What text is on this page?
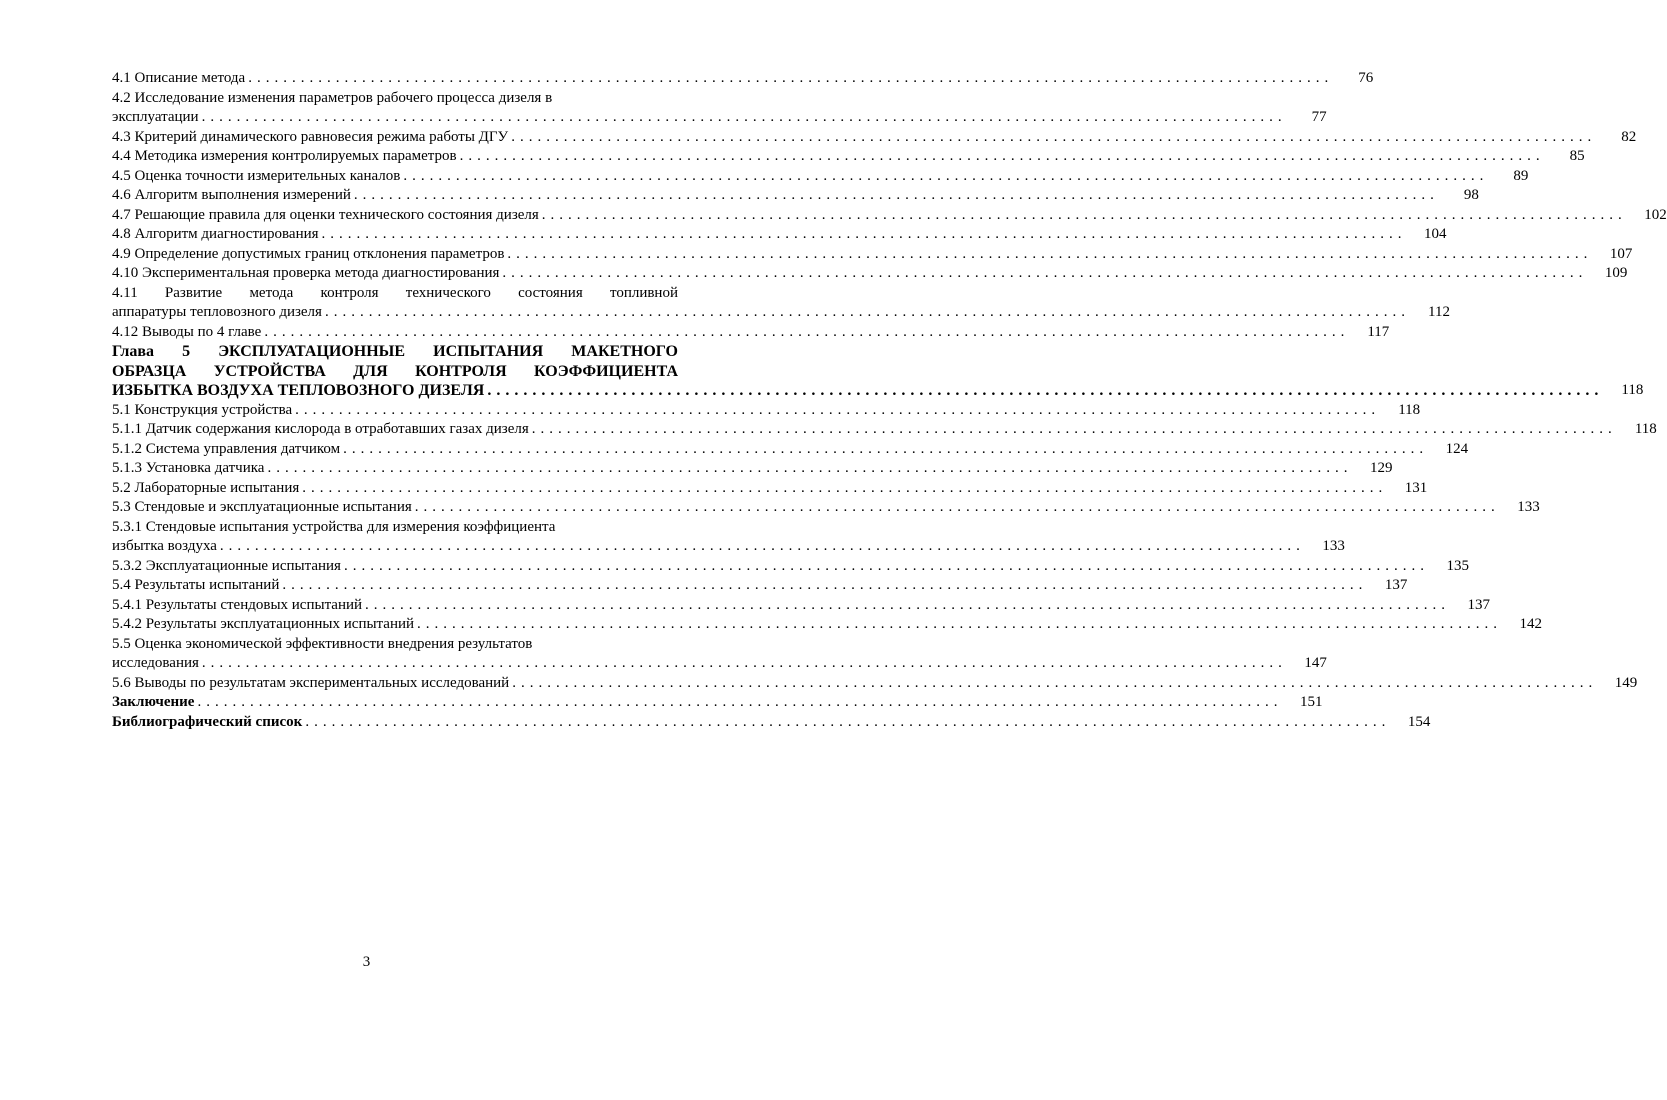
4.1 Описание метода ............................................................................................................................	76
4.2 Исследование изменения параметров рабочего процесса дизеля в
эксплуатации ............................................................................................................................	77
4.3 Критерий динамического равновесия режима работы ДГУ ............................................................................................................................	82
4.4 Методика измерения контролируемых параметров ............................................................................................................................	85
4.5 Оценка точности измерительных каналов ............................................................................................................................	89
4.6 Алгоритм выполнения измерений ............................................................................................................................	98
4.7 Решающие правила для оценки технического состояния дизеля ............................................................................................................................	102
4.8 Алгоритм диагностирования ............................................................................................................................	104
4.9 Определение допустимых границ отклонения параметров ............................................................................................................................	107
4.10 Экспериментальная проверка метода диагностирования ............................................................................................................................	109
4.11 Развитие метода контроля технического состояния топливной
аппаратуры тепловозного дизеля ............................................................................................................................	112
4.12 Выводы по 4 главе ............................................................................................................................	117
Глава 5 ЭКСПЛУАТАЦИОННЫЕ ИСПЫТАНИЯ МАКЕТНОГО
ОБРАЗЦА УСТРОЙСТВА ДЛЯ КОНТРОЛЯ КОЭФФИЦИЕНТА
ИЗБЫТКА ВОЗДУХА ТЕПЛОВОЗНОГО ДИЗЕЛЯ ............................................................................................................................	118
5.1 Конструкция устройства ............................................................................................................................	118
5.1.1 Датчик содержания кислорода в отработавших газах дизеля ............................................................................................................................	118
5.1.2 Система управления датчиком ............................................................................................................................	124
5.1.3 Установка датчика ............................................................................................................................	129
5.2 Лабораторные испытания ............................................................................................................................	131
5.3 Стендовые и эксплуатационные испытания ............................................................................................................................	133
5.3.1 Стендовые испытания устройства для измерения коэффициента
избытка воздуха ............................................................................................................................	133
5.3.2 Эксплуатационные испытания ............................................................................................................................	135
5.4 Результаты испытаний ............................................................................................................................	137
5.4.1 Результаты стендовых испытаний ............................................................................................................................	137
5.4.2 Результаты эксплуатационных испытаний ............................................................................................................................	142
5.5 Оценка экономической эффективности внедрения результатов
исследования ............................................................................................................................	147
5.6 Выводы по результатам экспериментальных исследований ............................................................................................................................	149
Заключение ............................................................................................................................	151
Библиографический список ............................................................................................................................	154
3
